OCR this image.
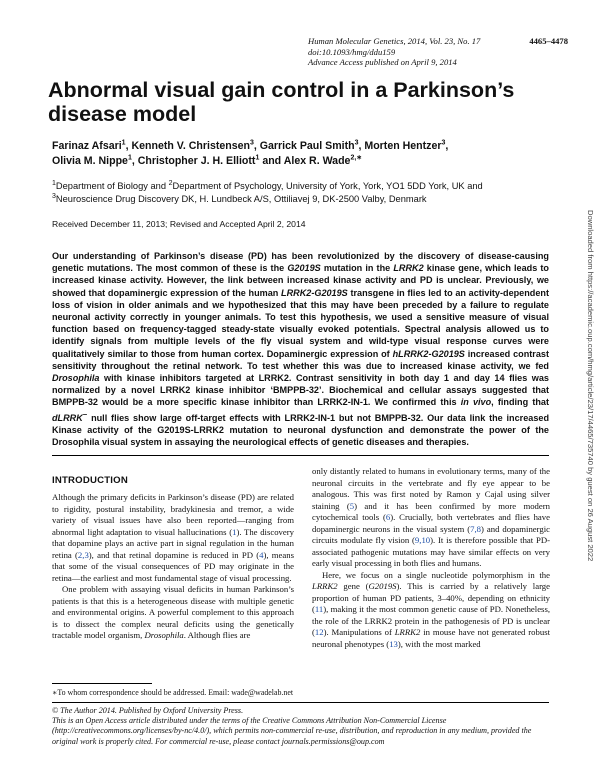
Human Molecular Genetics, 2014, Vol. 23, No. 17	4465–4478
doi:10.1093/hmg/ddu159
Advance Access published on April 9, 2014
Abnormal visual gain control in a Parkinson’s disease model
Farinaz Afsari$^1$, Kenneth V. Christensen$^3$, Garrick Paul Smith$^3$, Morten Hentzer$^3$,
Olivia M. Nippe$^1$, Christopher J. H. Elliott$^1$ and Alex R. Wade$^{2,∗}$
$^1$Department of Biology and $^2$Department of Psychology, University of York, York, YO1 5DD York, UK and
$^3$Neuroscience Drug Discovery DK, H. Lundbeck A/S, Ottiliavej 9, DK-2500 Valby, Denmark
Received December 11, 2013; Revised and Accepted April 2, 2014

Our understanding of Parkinson’s disease (PD) has been revolutionized by the discovery of disease-causing genetic mutations. The most common of these is the G2019S mutation in the LRRK2 kinase gene, which leads to increased kinase activity. However, the link between increased kinase activity and PD is unclear. Previously, we showed that dopaminergic expression of the human LRRK2-G2019S transgene in flies led to an activity-dependent loss of vision in older animals and we hypothesized that this may have been preceded by a failure to regulate neuronal activity correctly in younger animals. To test this hypothesis, we used a sensitive measure of visual function based on frequency-tagged steady-state visually evoked potentials. Spectral analysis allowed us to identify signals from multiple levels of the fly visual system and wild-type visual response curves were qualitatively similar to those from human cortex. Dopaminergic expression of hLRRK2-G2019S increased contrast sensitivity throughout the retinal network. To test whether this was due to increased kinase activity, we fed Drosophila with kinase inhibitors targeted at LRRK2. Contrast sensitivity in both day 1 and day 14 flies was normalized by a novel LRRK2 kinase inhibitor ‘BMPPB-32’. Biochemical and cellular assays suggested that BMPPB-32 would be a more specific kinase inhibitor than LRRK2-IN-1. We confirmed this in vivo, finding that dLRRK− null flies show large off-target effects with LRRK2-IN-1 but not BMPPB-32. Our data link the increased Kinase activity of the G2019S-LRRK2 mutation to neuronal dysfunction and demonstrate the power of the Drosophila visual system in assaying the neurological effects of genetic diseases and therapies.

INTRODUCTION

Although the primary deficits in Parkinson’s disease (PD) are related to rigidity, postural instability, bradykinesia and tremor, a wide variety of visual issues have also been reported—ranging from abnormal light adaptation to visual hallucinations (1). The discovery that dopamine plays an active part in signal regulation in the human retina (2,3), and that retinal dopamine is reduced in PD (4), means that some of the visual consequences of PD may originate in the retina—the earliest and most fundamental stage of visual processing.

One problem with assaying visual deficits in human Parkinson’s patients is that this is a heterogeneous disease with multiple genetic and environmental origins. A powerful complement to this approach is to dissect the complex neural deficits using the genetically tractable model organism, Drosophila. Although flies are

only distantly related to humans in evolutionary terms, many of the neuronal circuits in the vertebrate and fly eye appear to be analogous. This was first noted by Ramon y Cajal using silver staining (5) and it has been confirmed by more modern cytochemical tools (6). Crucially, both vertebrates and flies have dopaminergic neurons in the visual system (7,8) and dopaminergic circuits modulate fly vision (9,10). It is therefore possible that PD-associated pathogenic mutations may have similar effects on very early visual processing in both flies and humans.

Here, we focus on a single nucleotide polymorphism in the LRRK2 gene (G2019S). This is carried by a relatively large proportion of human PD patients, 3–40%, depending on ethnicity (11), making it the most common genetic cause of PD. Nonetheless, the role of the LRRK2 protein in the pathogenesis of PD is unclear (12). Manipulations of LRRK2 in mouse have not generated robust neuronal phenotypes (13), with the most marked

∗To whom correspondence should be addressed. Email: wade@wadelab.net
© The Author 2014. Published by Oxford University Press.
This is an Open Access article distributed under the terms of the Creative Commons Attribution Non-Commercial License (http://creativecommons.org/licenses/by-nc/4.0/), which permits non-commercial re-use, distribution, and reproduction in any medium, provided the original work is properly cited. For commercial re-use, please contact journals.permissions@oup.com
Downloaded from https://academic.oup.com/hmg/article/23/17/4465/735740 by guest on 26 August 2022
